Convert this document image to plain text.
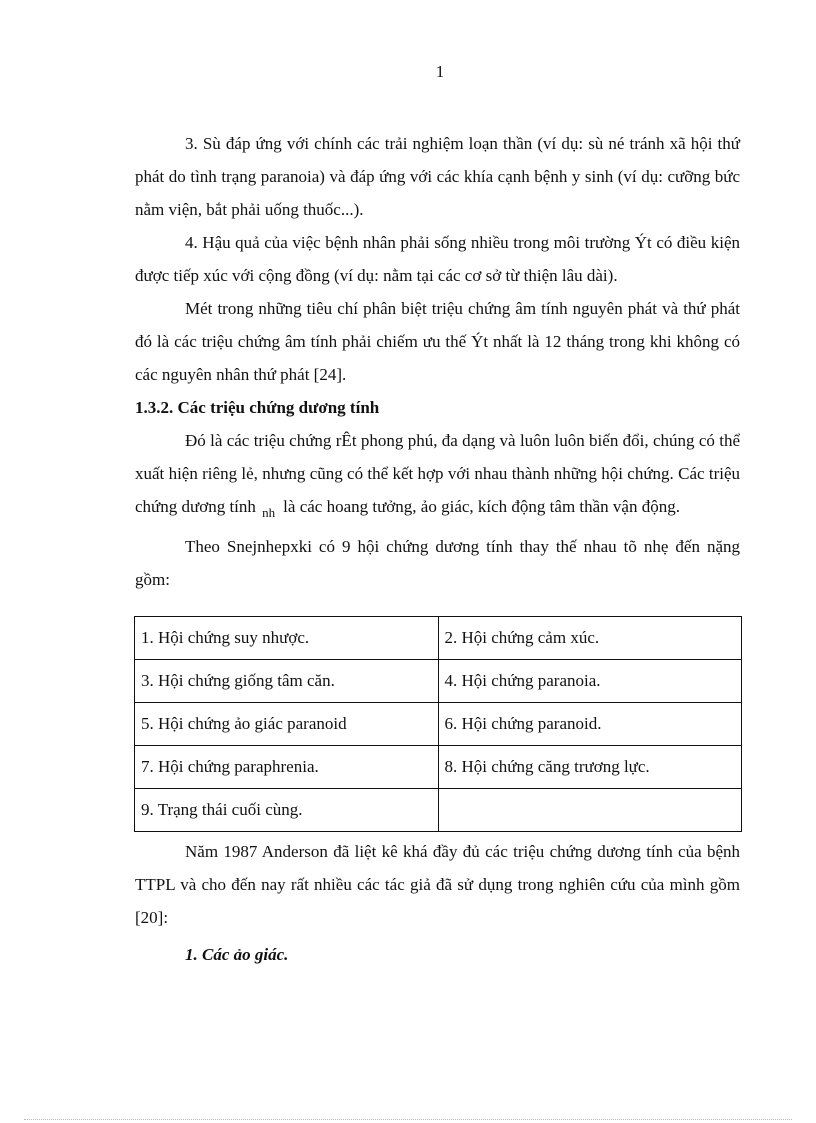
1

3. Sù đáp ứng với chính các trải nghiệm loạn thần (ví dụ: sù né tránh xã hội thứ phát do tình trạng paranoia) và đáp ứng với các khía cạnh bệnh y sinh (ví dụ: cưỡng bức nằm viện, bắt phải uống thuốc...).

4. Hậu quả của việc bệnh nhân phải sống nhiều trong môi trường Ýt có điều kiện được tiếp xúc với cộng đồng (ví dụ: nằm tại các cơ sở từ thiện lâu dài).

Mét trong những tiêu chí phân biệt triệu chứng âm tính nguyên phát và thứ phát đó là các triệu chứng âm tính phải chiếm ưu thế Ýt nhất là 12 tháng trong khi không có các nguyên nhân thứ phát [24].

1.3.2. Các triệu chứng dương tính

Đó là các triệu chứng rÊt phong phú, đa dạng và luôn luôn biến đổi, chúng có thể xuất hiện riêng lẻ, nhưng cũng có thể kết hợp với nhau thành những hội chứng. Các triệu chứng dương tính $_{nh}$ là các hoang tưởng, ảo giác, kích động tâm thần vận động.

Theo Snejnhepxki có 9 hội chứng dương tính thay thế nhau tõ nhẹ đến nặng gồm:

1. Hội chứng suy nhược.	2. Hội chứng cảm xúc.
3. Hội chứng giống tâm căn.	4. Hội chứng paranoia.
5. Hội chứng ảo giác paranoid	6. Hội chứng paranoid.
7. Hội chứng paraphrenia.	8. Hội chứng căng trương lực.
9. Trạng thái cuối cùng.	

Năm 1987 Anderson đã liệt kê khá đầy đủ các triệu chứng dương tính của bệnh TTPL và cho đến nay rất nhiều các tác giả đã sử dụng trong nghiên cứu của mình gồm [20]:

1. Các ảo giác.
